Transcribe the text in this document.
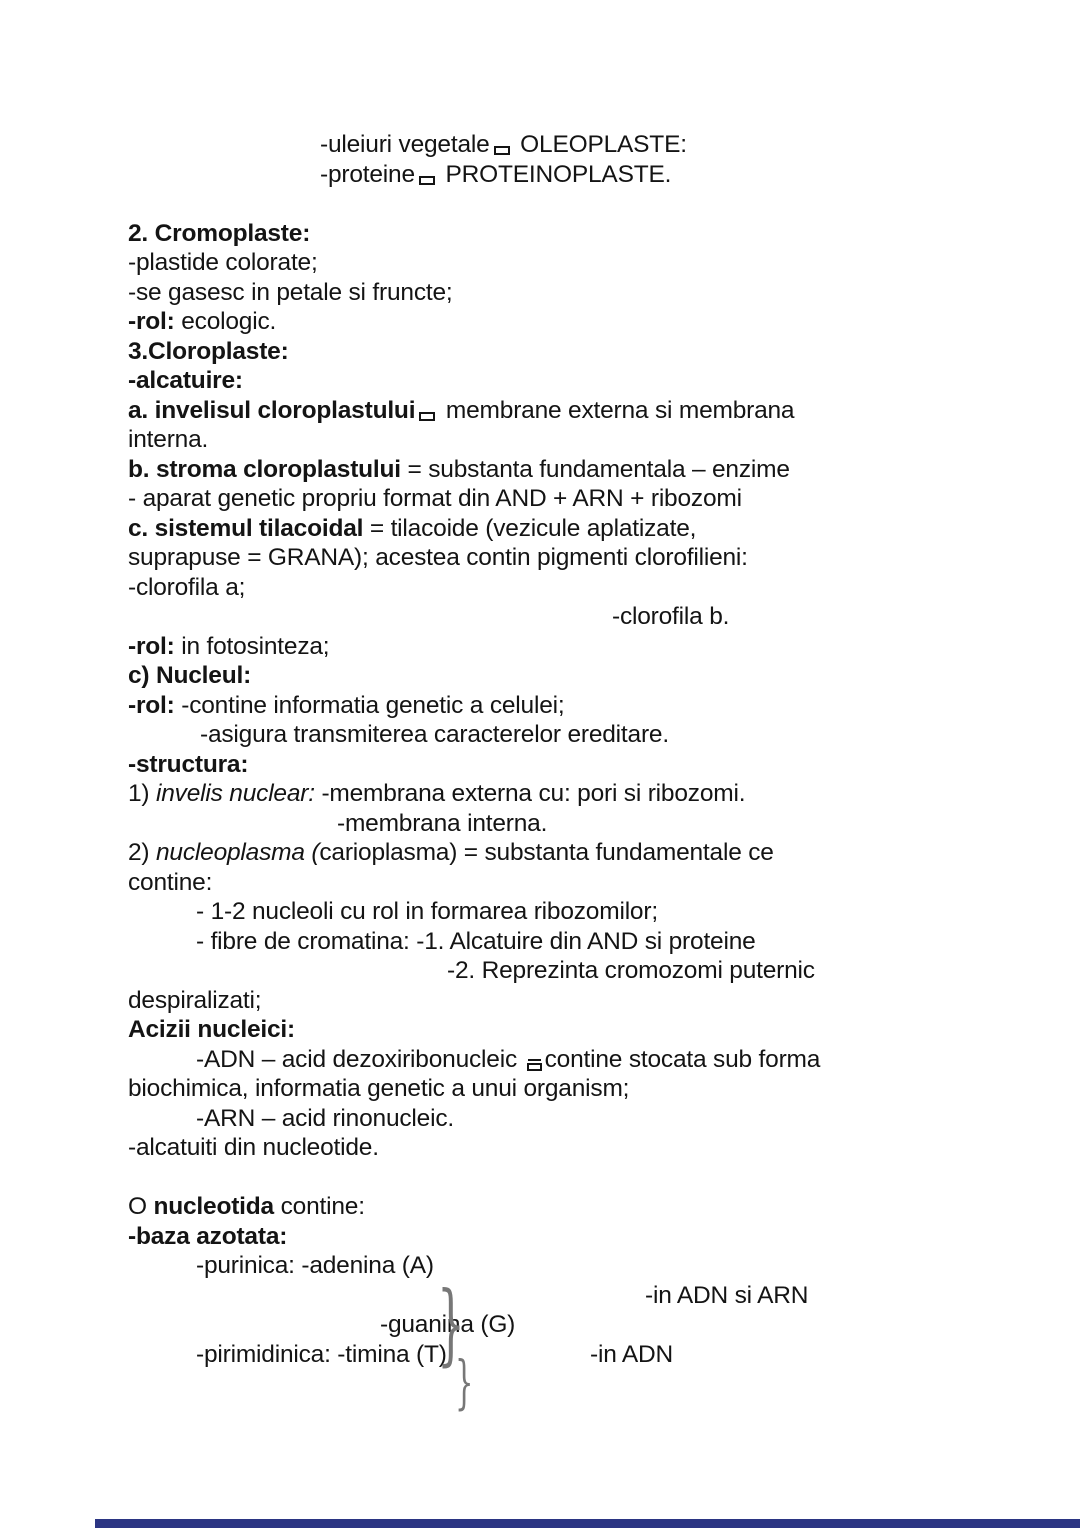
-uleiuri vegetale OLEOPLASTE:
-proteine PROTEINOPLASTE.

2. Cromoplaste:
-plastide colorate;
-se gasesc in petale si fruncte;
-rol: ecologic.
3.Cloroplaste:
-alcatuire:
a. invelisul cloroplastului membrane externa si membrana
interna.
b. stroma cloroplastului = substanta fundamentala – enzime
- aparat genetic propriu format din AND + ARN + ribozomi
c. sistemul tilacoidal = tilacoide (vezicule aplatizate,
suprapuse = GRANA); acestea contin pigmenti clorofilieni:
-clorofila a;
-clorofila b.
-rol: in fotosinteza;
c) Nucleul:
-rol: -contine informatia genetic a celulei;
-asigura transmiterea caracterelor ereditare.
-structura:
1) invelis nuclear: -membrana externa cu: pori si ribozomi.
-membrana interna.
2) nucleoplasma (carioplasma) = substanta fundamentale ce
contine:
- 1-2 nucleoli cu rol in formarea ribozomilor;
- fibre de cromatina: -1. Alcatuire din AND si proteine
-2. Reprezinta cromozomi puternic
despiralizati;
Acizii nucleici:
-ADN – acid dezoxiribonucleic contine stocata sub forma
biochimica, informatia genetic a unui organism;
-ARN – acid rinonucleic.
-alcatuiti din nucleotide.

O nucleotida contine:
-baza azotata:
-purinica: -adenina (A)
-in ADN si ARN
-guanina (G)
-pirimidinica: -timina (T)	-in ADN
}
}
